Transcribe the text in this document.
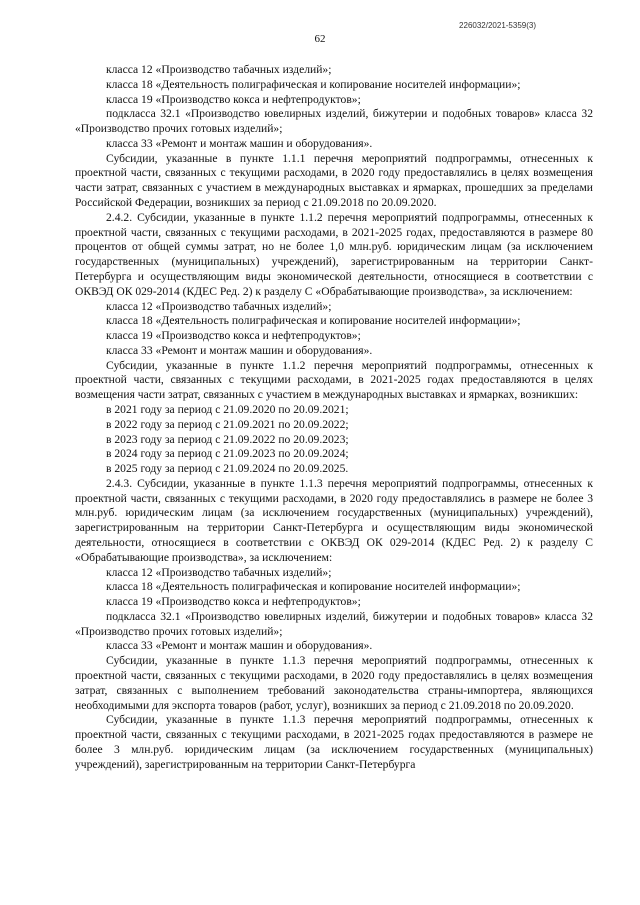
226032/2021-5359(3)
62

класса 12 «Производство табачных изделий»;

класса 18 «Деятельность полиграфическая и копирование носителей информации»;

класса 19 «Производство кокса и нефтепродуктов»;

подкласса 32.1 «Производство ювелирных изделий, бижутерии и подобных товаров» класса 32 «Производство прочих готовых изделий»;

класса 33 «Ремонт и монтаж машин и оборудования».

Субсидии, указанные в пункте 1.1.1 перечня мероприятий подпрограммы, отнесенных к проектной части, связанных с текущими расходами, в 2020 году предоставлялись в целях возмещения части затрат, связанных с участием в международных выставках и ярмарках, прошедших за пределами Российской Федерации, возникших за период с 21.09.2018 по 20.09.2020.

2.4.2. Субсидии, указанные в пункте 1.1.2 перечня мероприятий подпрограммы, отнесенных к проектной части, связанных с текущими расходами, в 2021-2025 годах, предоставляются в размере 80 процентов от общей суммы затрат, но не более 1,0 млн.руб. юридическим лицам (за исключением государственных (муниципальных) учреждений), зарегистрированным на территории Санкт-Петербурга и осуществляющим виды экономической деятельности, относящиеся в соответствии с ОКВЭД ОК 029-2014 (КДЕС Ред. 2) к разделу С «Обрабатывающие производства», за исключением:

класса 12 «Производство табачных изделий»;

класса 18 «Деятельность полиграфическая и копирование носителей информации»;

класса 19 «Производство кокса и нефтепродуктов»;

класса 33 «Ремонт и монтаж машин и оборудования».

Субсидии, указанные в пункте 1.1.2 перечня мероприятий подпрограммы, отнесенных к проектной части, связанных с текущими расходами, в 2021-2025 годах предоставляются в целях возмещения части затрат, связанных с участием в международных выставках и ярмарках, возникших:

в 2021 году за период с 21.09.2020 по 20.09.2021;

в 2022 году за период с 21.09.2021 по 20.09.2022;

в 2023 году за период с 21.09.2022 по 20.09.2023;

в 2024 году за период с 21.09.2023 по 20.09.2024;

в 2025 году за период с 21.09.2024 по 20.09.2025.

2.4.3. Субсидии, указанные в пункте 1.1.3 перечня мероприятий подпрограммы, отнесенных к проектной части, связанных с текущими расходами, в 2020 году предоставлялись в размере не более 3 млн.руб. юридическим лицам (за исключением государственных (муниципальных) учреждений), зарегистрированным на территории Санкт-Петербурга и осуществляющим виды экономической деятельности, относящиеся в соответствии с ОКВЭД ОК 029-2014 (КДЕС Ред. 2) к разделу С «Обрабатывающие производства», за исключением:

класса 12 «Производство табачных изделий»;

класса 18 «Деятельность полиграфическая и копирование носителей информации»;

класса 19 «Производство кокса и нефтепродуктов»;

подкласса 32.1 «Производство ювелирных изделий, бижутерии и подобных товаров» класса 32 «Производство прочих готовых изделий»;

класса 33 «Ремонт и монтаж машин и оборудования».

Субсидии, указанные в пункте 1.1.3 перечня мероприятий подпрограммы, отнесенных к проектной части, связанных с текущими расходами, в 2020 году предоставлялись в целях возмещения затрат, связанных с выполнением требований законодательства страны-импортера, являющихся необходимыми для экспорта товаров (работ, услуг), возникших за период с 21.09.2018 по 20.09.2020.

Субсидии, указанные в пункте 1.1.3 перечня мероприятий подпрограммы, отнесенных к проектной части, связанных с текущими расходами, в 2021-2025 годах предоставляются в размере не более 3 млн.руб. юридическим лицам (за исключением государственных (муниципальных) учреждений), зарегистрированным на территории Санкт-Петербурга
